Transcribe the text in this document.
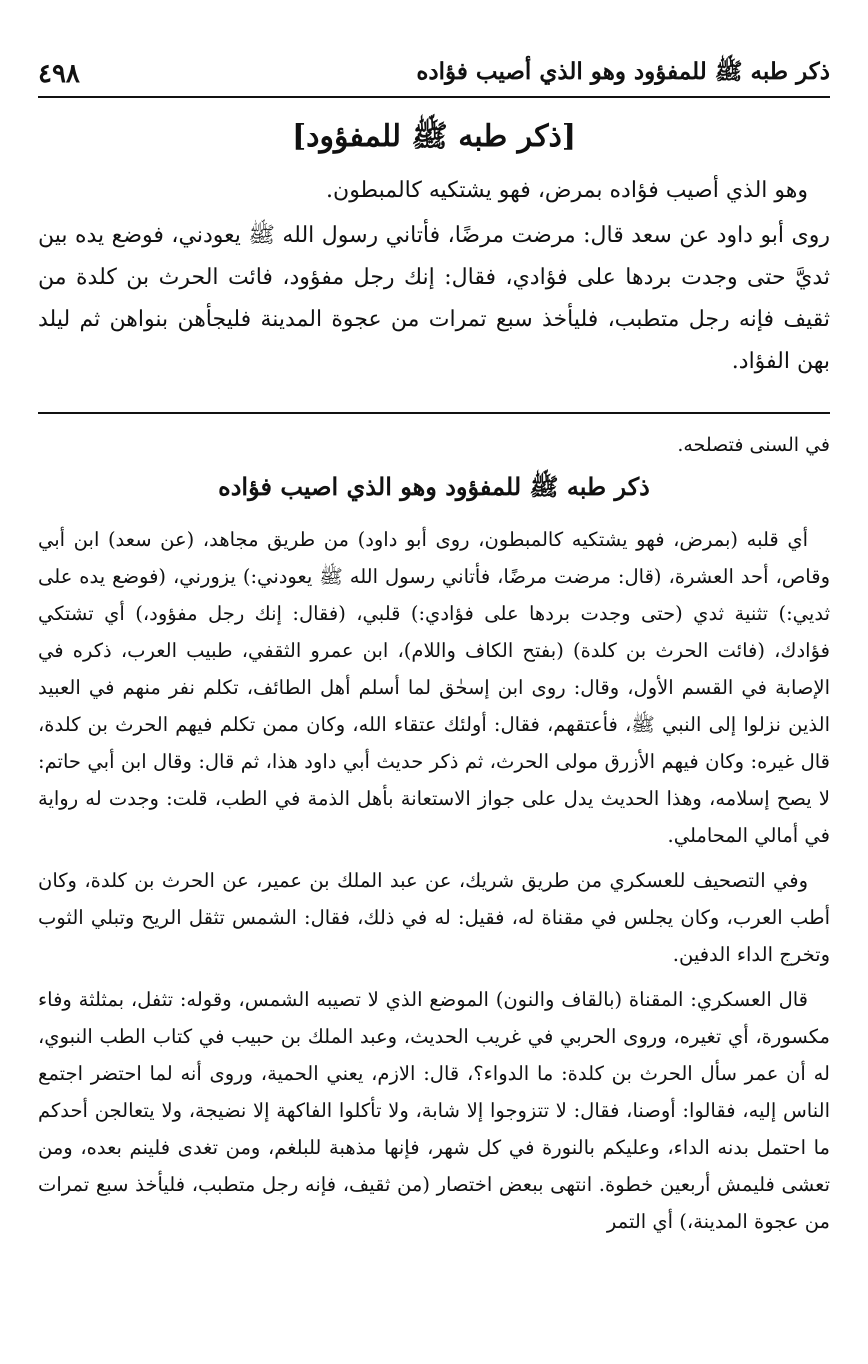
ذكر طبه ﷺ للمفؤود وهو الذي أصيب فؤاده
٤٩٨
[ذكر طبه ﷺ للمفؤود]

وهو الذي أصيب فؤاده بمرض، فهو يشتكيه كالمبطون.

روى أبو داود عن سعد قال: مرضت مرضًا، فأتاني رسول الله ﷺ يعودني، فوضع يده بين ثديَّ حتى وجدت بردها على فؤادي، فقال: إنك رجل مفؤود، فائت الحرث بن كلدة من ثقيف فإنه رجل متطبب، فليأخذ سبع تمرات من عجوة المدينة فليجأهن بنواهن ثم ليلد بهن الفؤاد.

في السنى فتصلحه.

ذكر طبه ﷺ للمفؤود وهو الذي اصيب فؤاده

أي قلبه (بمرض، فهو يشتكيه كالمبطون، روى أبو داود) من طريق مجاهد، (عن سعد) ابن أبي وقاص، أحد العشرة، (قال: مرضت مرضًا، فأتاني رسول الله ﷺ يعودني:) يزورني، (فوضع يده على ثديي:) تثنية ثدي (حتى وجدت بردها على فؤادي:) قلبي، (فقال: إنك رجل مفؤود،) أي تشتكي فؤادك، (فائت الحرث بن كلدة) (بفتح الكاف واللام)، ابن عمرو الثقفي، طبيب العرب، ذكره في الإصابة في القسم الأول، وقال: روى ابن إسحٰق لما أسلم أهل الطائف، تكلم نفر منهم في العبيد الذين نزلوا إلى النبي ﷺ، فأعتقهم، فقال: أولئك عتقاء الله، وكان ممن تكلم فيهم الحرث بن كلدة، قال غيره: وكان فيهم الأزرق مولى الحرث، ثم ذكر حديث أبي داود هذا، ثم قال: وقال ابن أبي حاتم: لا يصح إسلامه، وهذا الحديث يدل على جواز الاستعانة بأهل الذمة في الطب، قلت: وجدت له رواية في أمالي المحاملي.

وفي التصحيف للعسكري من طريق شريك، عن عبد الملك بن عمير، عن الحرث بن كلدة، وكان أطب العرب، وكان يجلس في مقناة له، فقيل: له في ذلك، فقال: الشمس تثقل الريح وتبلي الثوب وتخرج الداء الدفين.

قال العسكري: المقناة (بالقاف والنون) الموضع الذي لا تصيبه الشمس، وقوله: تثفل، بمثلثة وفاء مكسورة، أي تغيره، وروى الحربي في غريب الحديث، وعبد الملك بن حبيب في كتاب الطب النبوي، له أن عمر سأل الحرث بن كلدة: ما الدواء؟، قال: الازم، يعني الحمية، وروى أنه لما احتضر اجتمع الناس إليه، فقالوا: أوصنا، فقال: لا تتزوجوا إلا شابة، ولا تأكلوا الفاكهة إلا نضيجة، ولا يتعالجن أحدكم ما احتمل بدنه الداء، وعليكم بالنورة في كل شهر، فإنها مذهبة للبلغم، ومن تغدى فلينم بعده، ومن تعشى فليمش أربعين خطوة. انتهى ببعض اختصار (من ثقيف، فإنه رجل متطبب، فليأخذ سبع تمرات من عجوة المدينة،) أي التمر
